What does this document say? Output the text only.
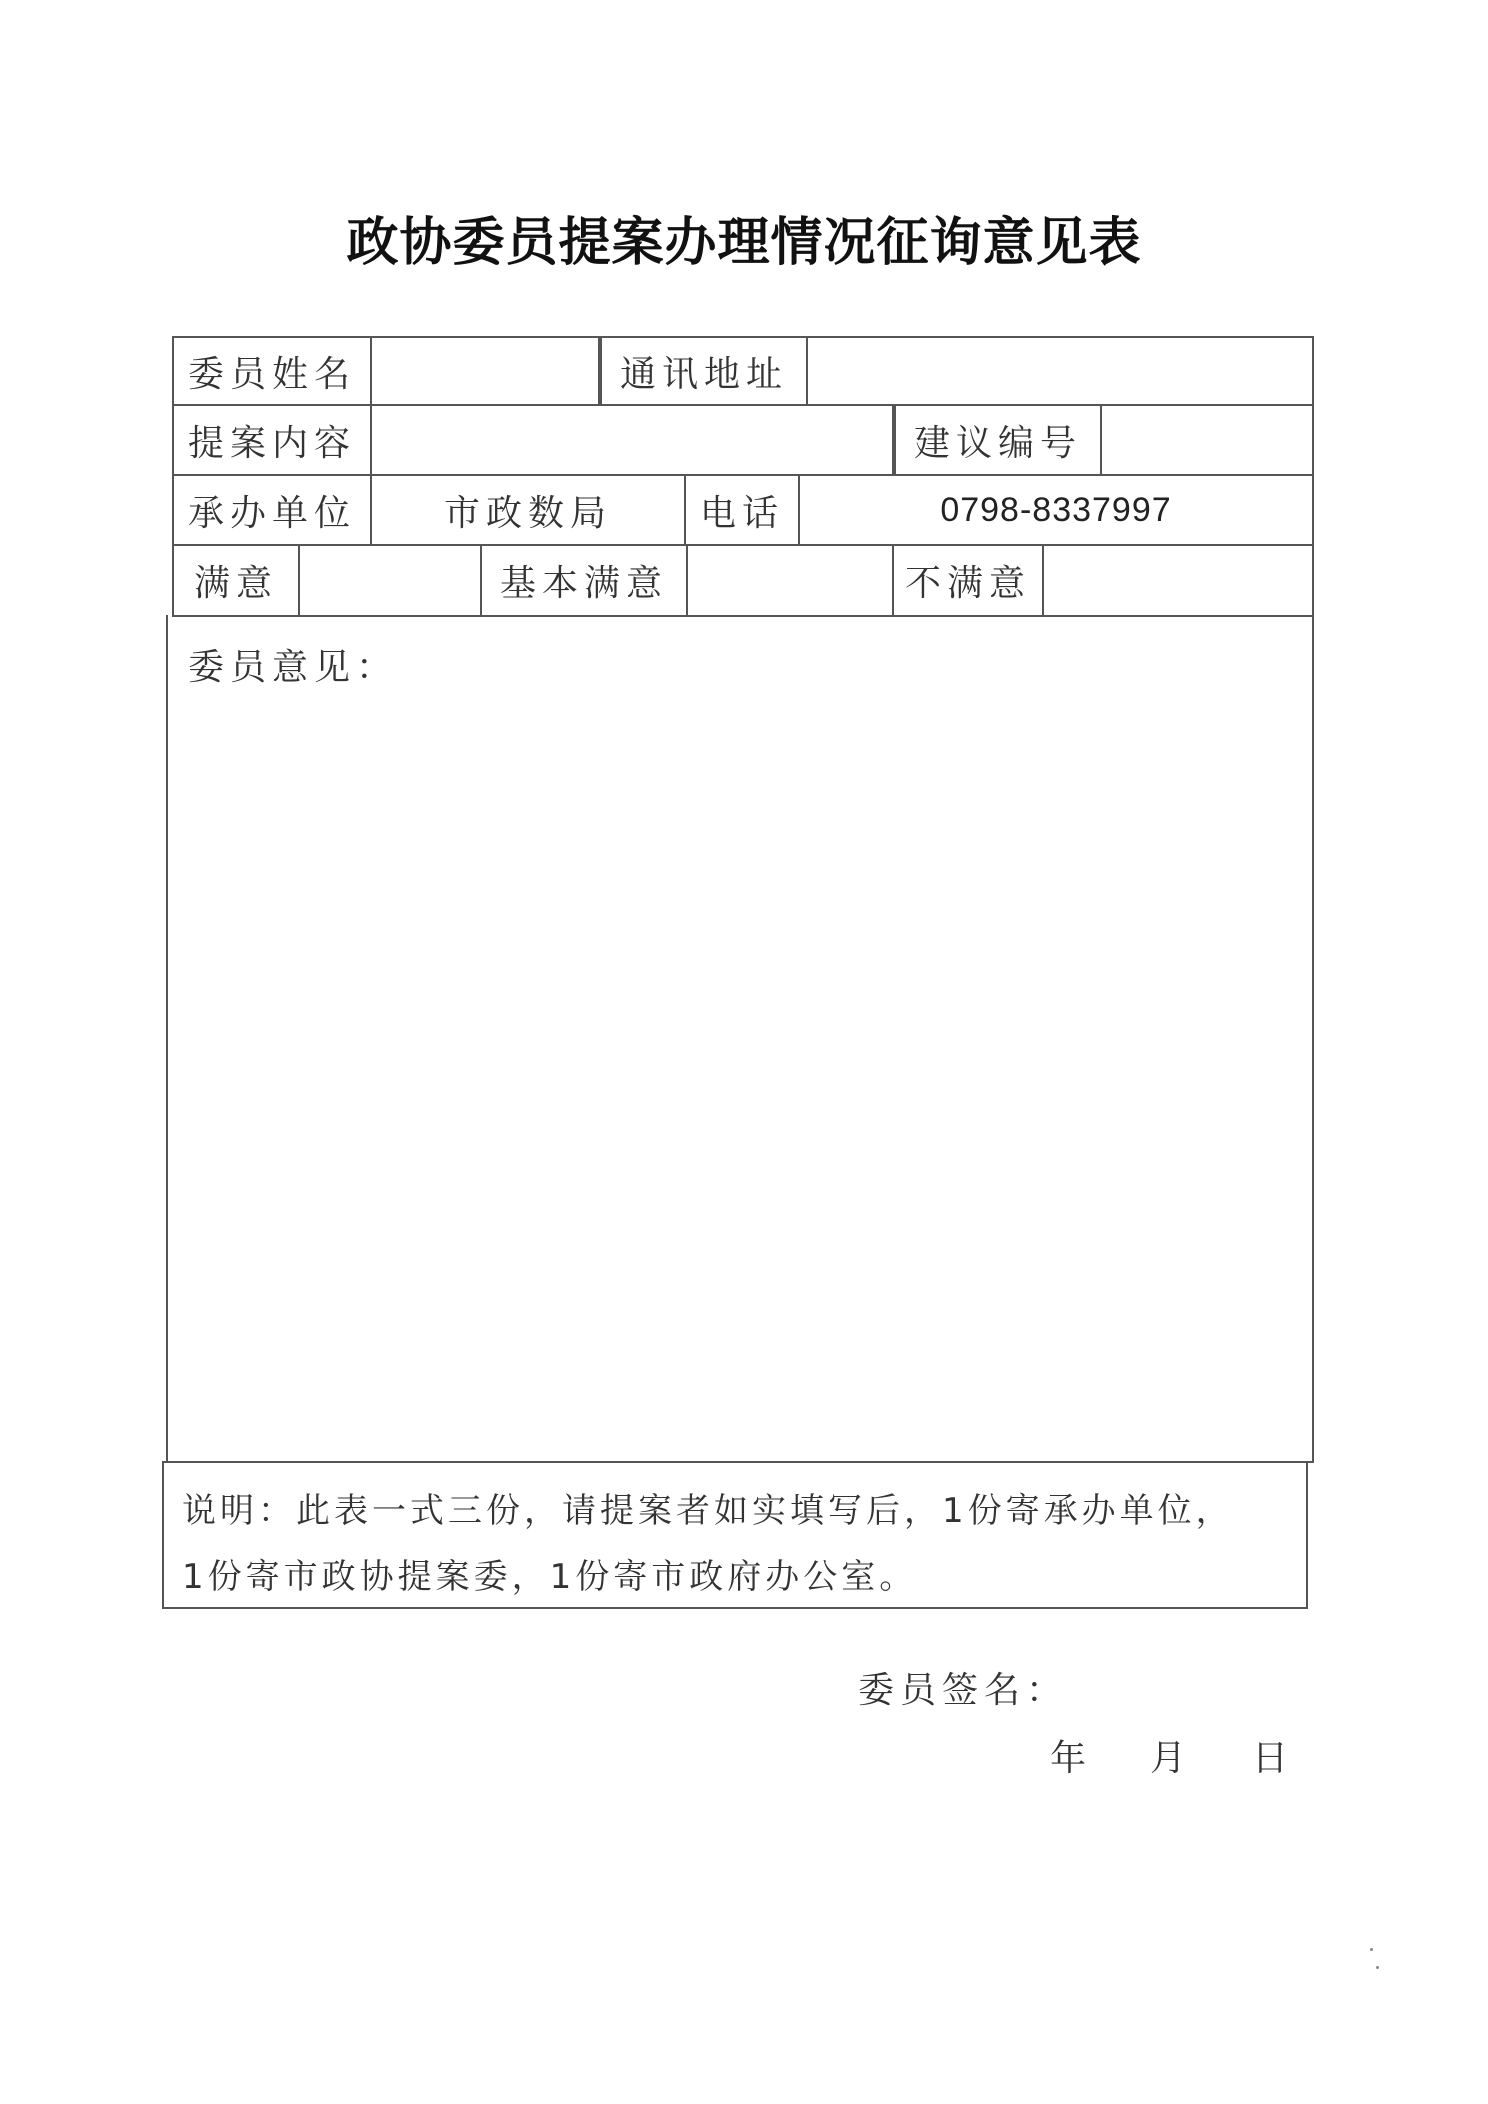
政协委员提案办理情况征询意见表
委员姓名	通讯地址
提案内容	建议编号
承办单位 市政数局 电话	0798-8337997
满意	基本满意	不满意
委员意见：
说明：此表一式三份，请提案者如实填写后，1份寄承办单位，
1份寄市政协提案委，1份寄市政府办公室。
委员签名：
年 月 日
